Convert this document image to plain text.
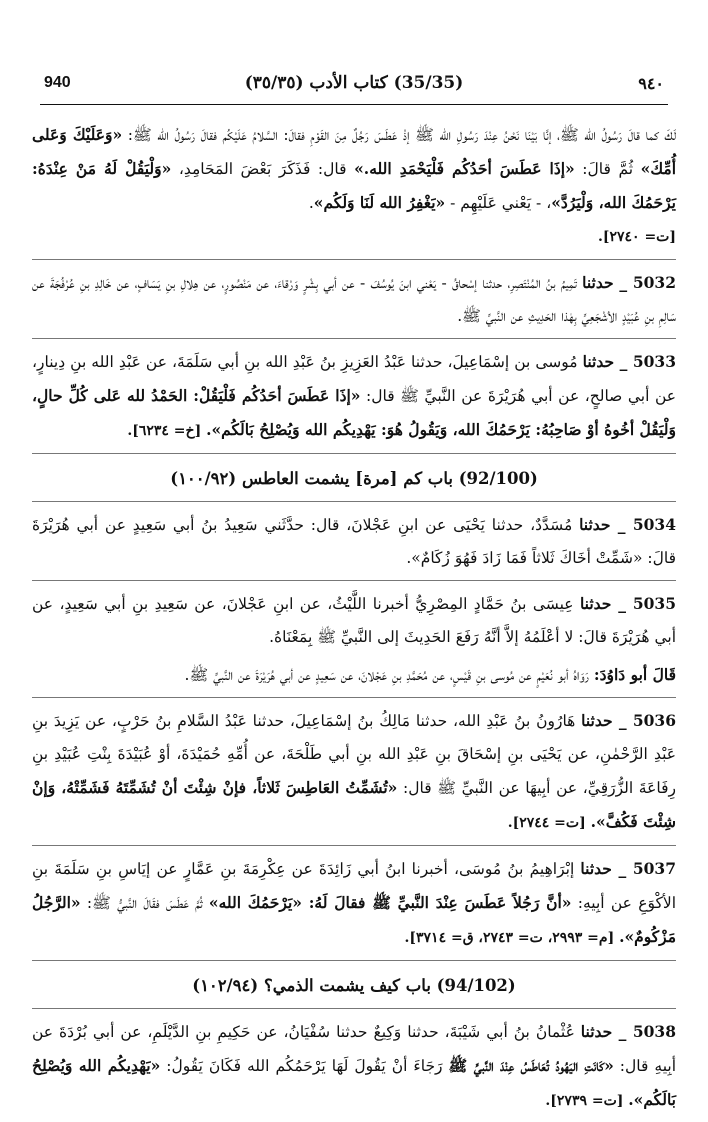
٩٤٠
(35/35) كتاب الأدب (٣٥/٣٥)
940

لَكَ كما قالَ رَسُولُ الله ﷺ، إنَّا بَيْنَا نَحْنُ عِنْدَ رَسُولِ الله ﷺ إذْ عَطَسَ رَجُلٌ مِنَ القَوْمِ فقالَ: السَّلامُ عَلَيْكُم فقالَ رَسُولُ الله ﷺ: «وَعَلَيْكَ وَعَلى أُمِّكَ» ثُمَّ قالَ: «إذَا عَطَسَ أحَدُكُم فَلْيَحْمَدِ الله.» قال: فَذَكَرَ بَعْضَ المَحَامِدِ، «وَلْيَقُلْ لَهُ مَنْ عِنْدَهُ: يَرْحَمُكَ الله، وَلْيَرُدَّ»، - يَعْني عَلَيْهِم - «يَغْفِرُ الله لَنَا وَلَكُم».
[ت= ٢٧٤٠].

5032 _ حدثنا تَمِيمُ بنُ المُنْتَصِرِ، حدثنا إسْحاقُ - يَعْني ابنَ يُوسُفَ - عن أبي بِشْرٍ وَرْقاءَ، عن مَنْصُورٍ، عن هِلالِ بنِ يَسَافٍ، عن خَالِدِ بنِ عُرْفُجَةَ عن سَالِمِ بنِ عُبَيْدٍ الأشْجَعِيِّ بِهٰذا الحَدِيثِ عن النَّبيِّ ﷺ.

5033 _ حدثنا مُوسى بن إسْمَاعِيلَ، حدثنا عَبْدُ العَزِيزِ بنُ عَبْدِ الله بنِ أبي سَلَمَةَ، عن عَبْدِ الله بنِ دِينارٍ، عن أبي صالحٍ، عن أبي هُرَيْرَةَ عن النَّبيِّ ﷺ قال: «إذَا عَطَسَ أحَدُكُم فَلْيَقُلْ: الحَمْدُ لله عَلى كُلِّ حالٍ، وَلْيَقُلْ أخُوهُ أوْ صَاحِبُهُ: يَرْحَمُكَ الله، وَيَقُولُ هُوَ: يَهْدِيكُم الله وَيُصْلِحُ بَالَكُم». [خ= ٦٢٣٤].

(92/100) باب كم [مرة] يشمت العاطس (١٠٠/٩٢)

5034 _ حدثنا مُسَدَّدٌ، حدثنا يَحْيَى عن ابنِ عَجْلانَ، قال: حدَّثَني سَعِيدُ بنُ أبي سَعِيدٍ عن أبي هُرَيْرَةَ قالَ: «شَمِّتْ أخَاكَ ثَلاثاً فَمَا زَادَ فَهُوَ زُكَامٌ».

5035 _ حدثنا عِيسَى بنُ حَمَّادٍ المِصْرِيُّ أخبرنا اللَّيْثُ، عن ابنِ عَجْلانَ، عن سَعِيدِ بنِ أبي سَعِيدٍ، عن أبي هُرَيْرَةَ قالَ: لا أعْلَمُهُ إلاَّ أنَّهُ رَفَعَ الحَدِيثَ إلى النَّبيِّ ﷺ بِمَعْنَاهُ.

قَالَ أبو دَاوُدَ: رَوَاهُ أبو نُعَيْمٍ عن مُوسى بنِ قَيْسٍ، عن مُحَمَّدِ بنِ عَجْلانَ، عن سَعِيدٍ عن أبي هُرَيْرَةَ عن النَّبيِّ ﷺ.

5036 _ حدثنا هَارُونُ بنُ عَبْدِ الله، حدثنا مَالِكُ بنُ إسْمَاعِيلَ، حدثنا عَبْدُ السَّلامِ بنُ حَرْبٍ، عن يَزِيدَ بنِ عَبْدِ الرَّحْمٰنِ، عن يَحْيَى بنِ إسْحَاقَ بنِ عَبْدِ الله بنِ أبي طَلْحَةَ، عن أُمِّهِ حُمَيْدَةَ، أوْ عُبَيْدَةَ بِنْتِ عُبَيْدِ بنِ رِفَاعَةَ الزُّرَقِيِّ، عن أبِيهَا عن النَّبيِّ ﷺ قال: «تُشَمِّتُ العَاطِسَ ثَلاثاً، فإنْ شِئْتَ أنْ تُشَمِّتَهُ فَشَمِّتْهُ، وَإنْ شِئْتَ فَكُفَّ». [ت= ٢٧٤٤].

5037 _ حدثنا إبْرَاهِيمُ بنُ مُوسَى، أخبرنا ابنُ أبي زَائِدَةَ عن عِكْرِمَةَ بنِ عَمَّارٍ عن إيَاسِ بنِ سَلَمَةَ بنِ الأكْوَعِ عن أبِيهِ: «أنَّ رَجُلاً عَطَسَ عِنْدَ النَّبيِّ ﷺ فقالَ لَهُ: «يَرْحَمُكَ الله» ثُمَّ عَطَسَ فقَالَ النَّبيُّ ﷺ: «الرَّجُلُ مَزْكُومٌ». [م= ٢٩٩٣، ت= ٢٧٤٣، ق= ٣٧١٤].

(94/102) باب كيف يشمت الذمي؟ (١٠٢/٩٤)

5038 _ حدثنا عُثْمانُ بنُ أبي شَيْبَةَ، حدثنا وَكِيعٌ حدثنا سُفْيَانُ، عن حَكِيمِ بنِ الدَّيْلَمِ، عن أبي بُرْدَةَ عن أبِيهِ قال: «كَانَتِ اليَهُودُ تُعَاطَسُ عِنْدَ النَّبيِّ ﷺ رَجَاءَ أنْ يَقُولَ لَهَا يَرْحَمُكُم الله فَكَانَ يَقُولُ: «يَهْدِيكُم الله وَيُصْلِحُ بَالَكُم». [ت= ٢٧٣٩].
